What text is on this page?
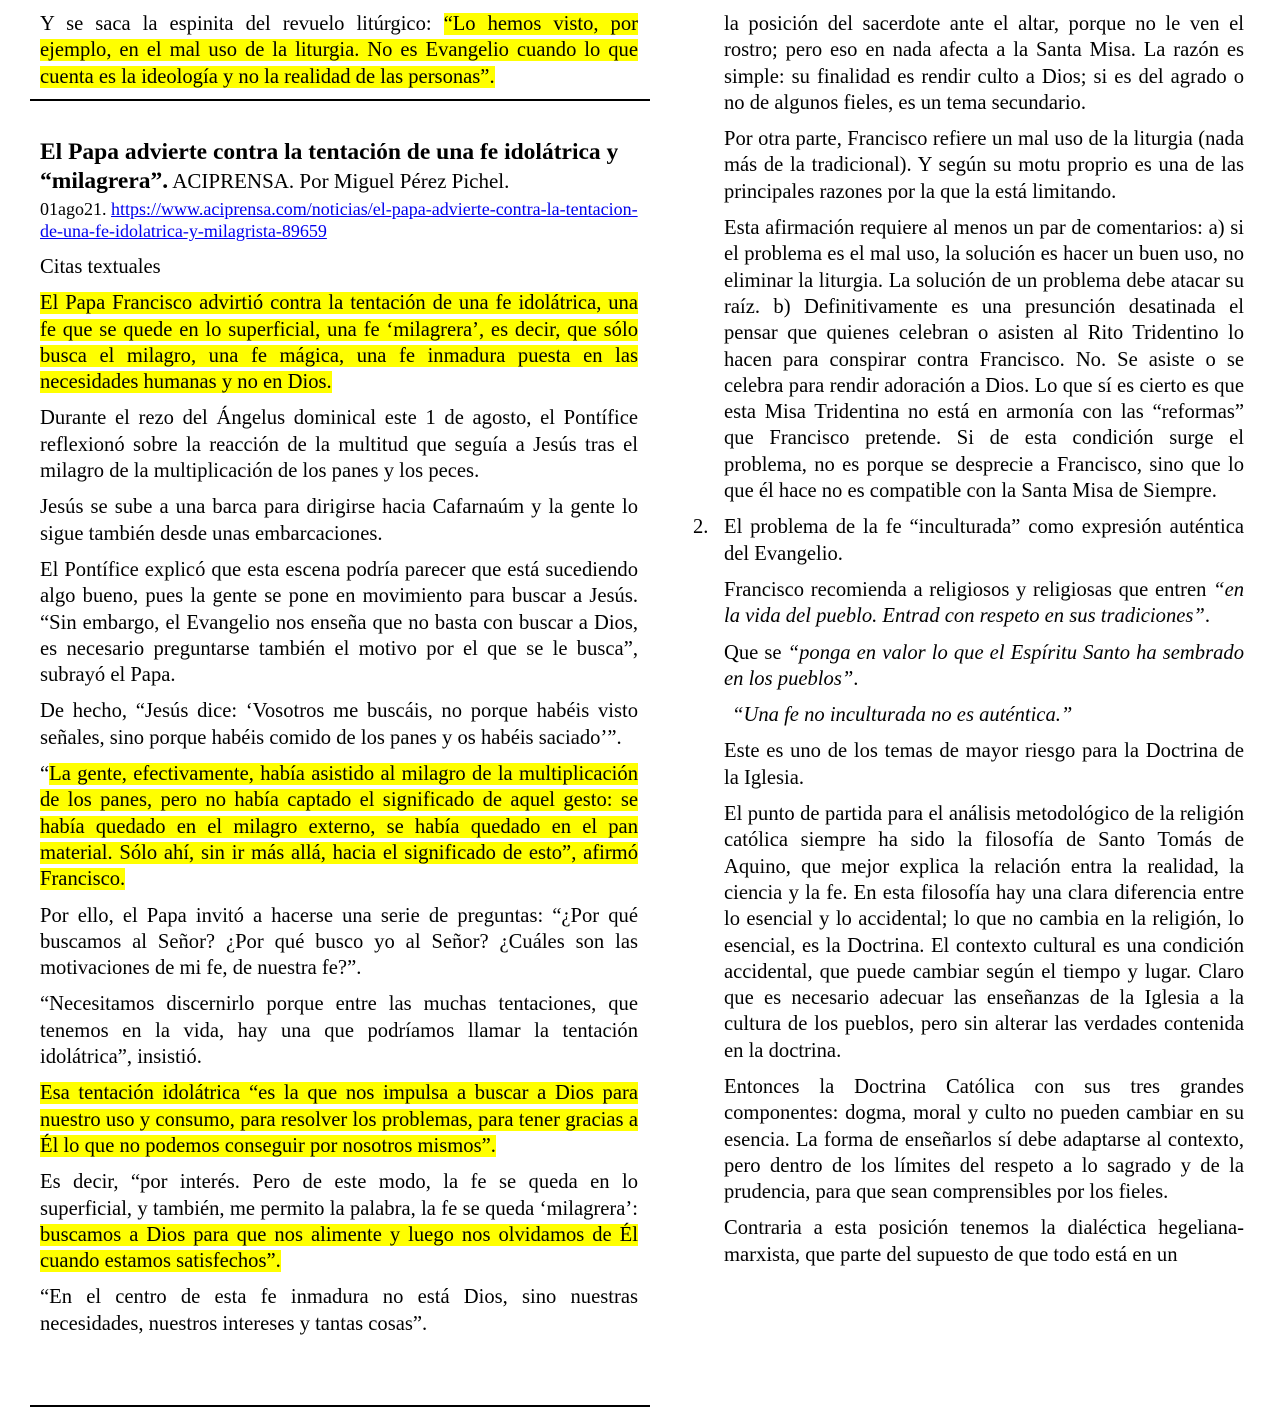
Y se saca la espinita del revuelo litúrgico: “Lo hemos visto, por ejemplo, en el mal uso de la liturgia. No es Evangelio cuando lo que cuenta es la ideología y no la realidad de las personas”.

El Papa advierte contra la tentación de una fe idolátrica y “milagrera”. ACIPRENSA. Por Miguel Pérez Pichel.
01ago21. https://www.aciprensa.com/noticias/el-papa-advierte-contra-la-tentacion-de-una-fe-idolatrica-y-milagrista-89659

Citas textuales

El Papa Francisco advirtió contra la tentación de una fe idolátrica, una fe que se quede en lo superficial, una fe ‘milagrera’, es decir, que sólo busca el milagro, una fe mágica, una fe inmadura puesta en las necesidades humanas y no en Dios.

Durante el rezo del Ángelus dominical este 1 de agosto, el Pontífice reflexionó sobre la reacción de la multitud que seguía a Jesús tras el milagro de la multiplicación de los panes y los peces.

Jesús se sube a una barca para dirigirse hacia Cafarnaúm y la gente lo sigue también desde unas embarcaciones.

El Pontífice explicó que esta escena podría parecer que está sucediendo algo bueno, pues la gente se pone en movimiento para buscar a Jesús. “Sin embargo, el Evangelio nos enseña que no basta con buscar a Dios, es necesario preguntarse también el motivo por el que se le busca”, subrayó el Papa.

De hecho, “Jesús dice: ‘Vosotros me buscáis, no porque habéis visto señales, sino porque habéis comido de los panes y os habéis saciado’”.

“La gente, efectivamente, había asistido al milagro de la multiplicación de los panes, pero no había captado el significado de aquel gesto: se había quedado en el milagro externo, se había quedado en el pan material. Sólo ahí, sin ir más allá, hacia el significado de esto”, afirmó Francisco.

Por ello, el Papa invitó a hacerse una serie de preguntas: “¿Por qué buscamos al Señor? ¿Por qué busco yo al Señor? ¿Cuáles son las motivaciones de mi fe, de nuestra fe?”.

“Necesitamos discernirlo porque entre las muchas tentaciones, que tenemos en la vida, hay una que podríamos llamar la tentación idolátrica”, insistió.

Esa tentación idolátrica “es la que nos impulsa a buscar a Dios para nuestro uso y consumo, para resolver los problemas, para tener gracias a Él lo que no podemos conseguir por nosotros mismos”.

Es decir, “por interés. Pero de este modo, la fe se queda en lo superficial, y también, me permito la palabra, la fe se queda ‘milagrera’: buscamos a Dios para que nos alimente y luego nos olvidamos de Él cuando estamos satisfechos”.

“En el centro de esta fe inmadura no está Dios, sino nuestras necesidades, nuestros intereses y tantas cosas”.

la posición del sacerdote ante el altar, porque no le ven el rostro; pero eso en nada afecta a la Santa Misa. La razón es simple: su finalidad es rendir culto a Dios; si es del agrado o no de algunos fieles, es un tema secundario.

Por otra parte, Francisco refiere un mal uso de la liturgia (nada más de la tradicional). Y según su motu proprio es una de las principales razones por la que la está limitando.

Esta afirmación requiere al menos un par de comentarios: a) si el problema es el mal uso, la solución es hacer un buen uso, no eliminar la liturgia. La solución de un problema debe atacar su raíz. b) Definitivamente es una presunción desatinada el pensar que quienes celebran o asisten al Rito Tridentino lo hacen para conspirar contra Francisco. No. Se asiste o se celebra para rendir adoración a Dios. Lo que sí es cierto es que esta Misa Tridentina no está en armonía con las “reformas” que Francisco pretende. Si de esta condición surge el problema, no es porque se desprecie a Francisco, sino que lo que él hace no es compatible con la Santa Misa de Siempre.

2. El problema de la fe “inculturada” como expresión auténtica del Evangelio.

Francisco recomienda a religiosos y religiosas que entren “en la vida del pueblo. Entrad con respeto en sus tradiciones”.

Que se “ponga en valor lo que el Espíritu Santo ha sembrado en los pueblos”.

“Una fe no inculturada no es auténtica.”

Este es uno de los temas de mayor riesgo para la Doctrina de la Iglesia.

El punto de partida para el análisis metodológico de la religión católica siempre ha sido la filosofía de Santo Tomás de Aquino, que mejor explica la relación entra la realidad, la ciencia y la fe. En esta filosofía hay una clara diferencia entre lo esencial y lo accidental; lo que no cambia en la religión, lo esencial, es la Doctrina. El contexto cultural es una condición accidental, que puede cambiar según el tiempo y lugar. Claro que es necesario adecuar las enseñanzas de la Iglesia a la cultura de los pueblos, pero sin alterar las verdades contenida en la doctrina.

Entonces la Doctrina Católica con sus tres grandes componentes: dogma, moral y culto no pueden cambiar en su esencia. La forma de enseñarlos sí debe adaptarse al contexto, pero dentro de los límites del respeto a lo sagrado y de la prudencia, para que sean comprensibles por los fieles.

Contraria a esta posición tenemos la dialéctica hegeliana-marxista, que parte del supuesto de que todo está en un
